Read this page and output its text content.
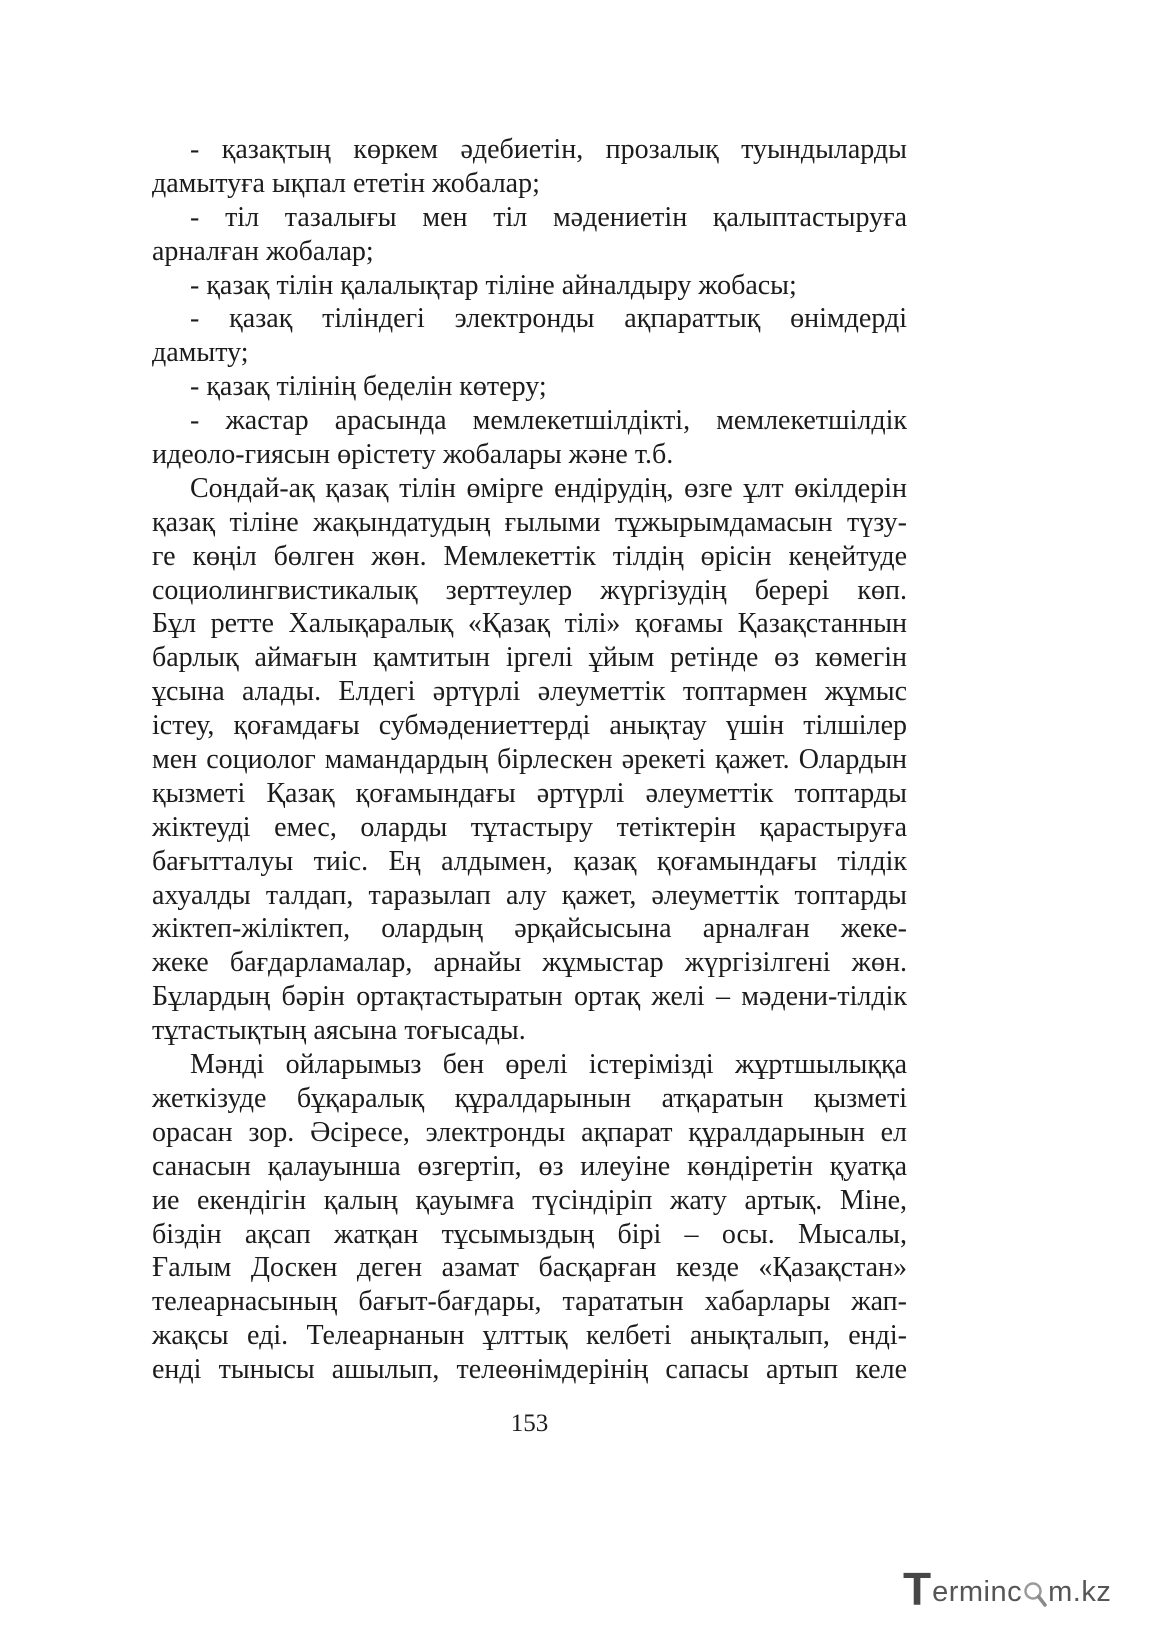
- қазақтың көркем әдебиетін, прозалық туындыларды
дамытуға ықпал ететін жобалар;
- тіл тазалығы мен тіл мәдениетін қалыптастыруға
арналған жобалар;
- қазақ тілін қалалықтар тіліне айналдыру жобасы;
- қазақ тіліндегі электронды ақпараттық өнімдерді
дамыту;
- қазақ тілінің беделін көтеру;
- жастар арасында мемлекетшілдікті, мемлекетшілдік
идеоло-гиясын өрістету жобалары және т.б.
Сондай-ақ қазақ тілін өмірге ендірудің, өзге ұлт өкілдерін
қазақ тіліне жақындатудың ғылыми тұжырымдамасын түзу-
ге көңіл бөлген жөн. Мемлекеттік тілдің өрісін кеңейтуде
социолингвистикалық зерттеулер жүргізудің берері көп.
Бұл ретте Халықаралық «Қазақ тілі» қоғамы Қазақстаннын
барлық аймағын қамтитын іргелі ұйым ретінде өз көмегін
ұсына алады. Елдегі әртүрлі әлеуметтік топтармен жұмыс
істеу, қоғамдағы субмәдениеттерді анықтау үшін тілшілер
мен социолог мамандардың бірлескен әрекеті қажет. Олардын
қызметі Қазақ қоғамындағы әртүрлі әлеуметтік топтарды
жіктеуді емес, оларды тұтастыру тетіктерін қарастыруға
бағытталуы тиіс. Ең алдымен, қазақ қоғамындағы тілдік
ахуалды талдап, таразылап алу қажет, әлеуметтік топтарды
жіктеп-жіліктеп, олардың әрқайсысына арналған жеке-
жеке бағдарламалар, арнайы жұмыстар жүргізілгені жөн.
Бұлардың бәрін ортақтастыратын ортақ желі – мәдени-тілдік
тұтастықтың аясына тоғысады.
Мәнді ойларымыз бен өрелі істерімізді жұртшылыққа
жеткізуде бұқаралық құралдарынын атқаратын қызметі
орасан зор. Әсіресе, электронды ақпарат құралдарынын ел
санасын қалауынша өзгертіп, өз илеуіне көндіретін қуатқа
ие екендігін қалың қауымға түсіндіріп жату артық. Міне,
біздін ақсап жатқан тұсымыздың бірі – осы. Мысалы,
Ғалым Доскен деген азамат басқарған кезде «Қазақстан»
телеарнасының бағыт-бағдары, тарататын хабарлары жап-
жақсы еді. Телеарнанын ұлттық келбеті анықталып, енді-
енді тынысы ашылып, телеөнімдерінің сапасы артып келе
153
T erminc m.kz
